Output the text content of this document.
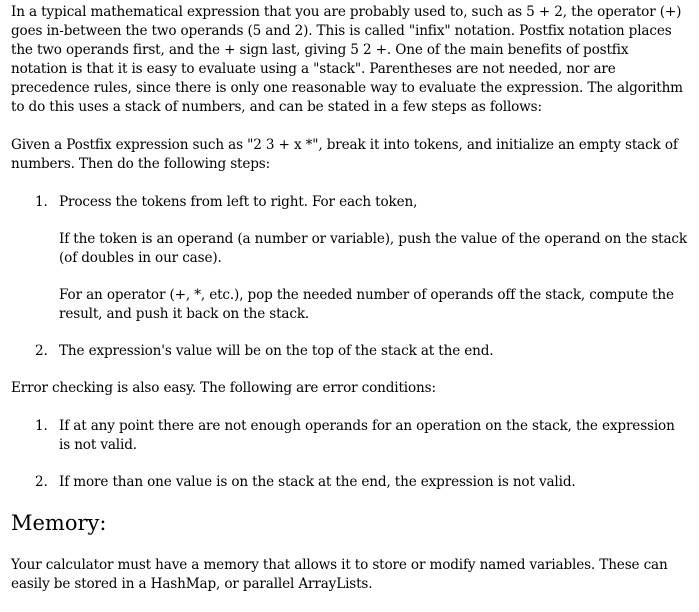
In a typical mathematical expression that you are probably used to, such as 5 + 2, the operator (+) goes in-between the two operands (5 and 2). This is called "infix" notation. Postfix notation places the two operands first, and the + sign last, giving 5 2 +. One of the main benefits of postfix notation is that it is easy to evaluate using a "stack". Parentheses are not needed, nor are precedence rules, since there is only one reasonable way to evaluate the expression. The algorithm to do this uses a stack of numbers, and can be stated in a few steps as follows:

Given a Postfix expression such as "2 3 + x *", break it into tokens, and initialize an empty stack of numbers. Then do the following steps:

1. Process the tokens from left to right. For each token,

If the token is an operand (a number or variable), push the value of the operand on the stack (of doubles in our case).

For an operator (+, *, etc.), pop the needed number of operands off the stack, compute the result, and push it back on the stack.

2. The expression's value will be on the top of the stack at the end.

Error checking is also easy. The following are error conditions:

1. If at any point there are not enough operands for an operation on the stack, the expression is not valid.

2. If more than one value is on the stack at the end, the expression is not valid.

Memory:

Your calculator must have a memory that allows it to store or modify named variables. These can easily be stored in a HashMap, or parallel ArrayLists.
